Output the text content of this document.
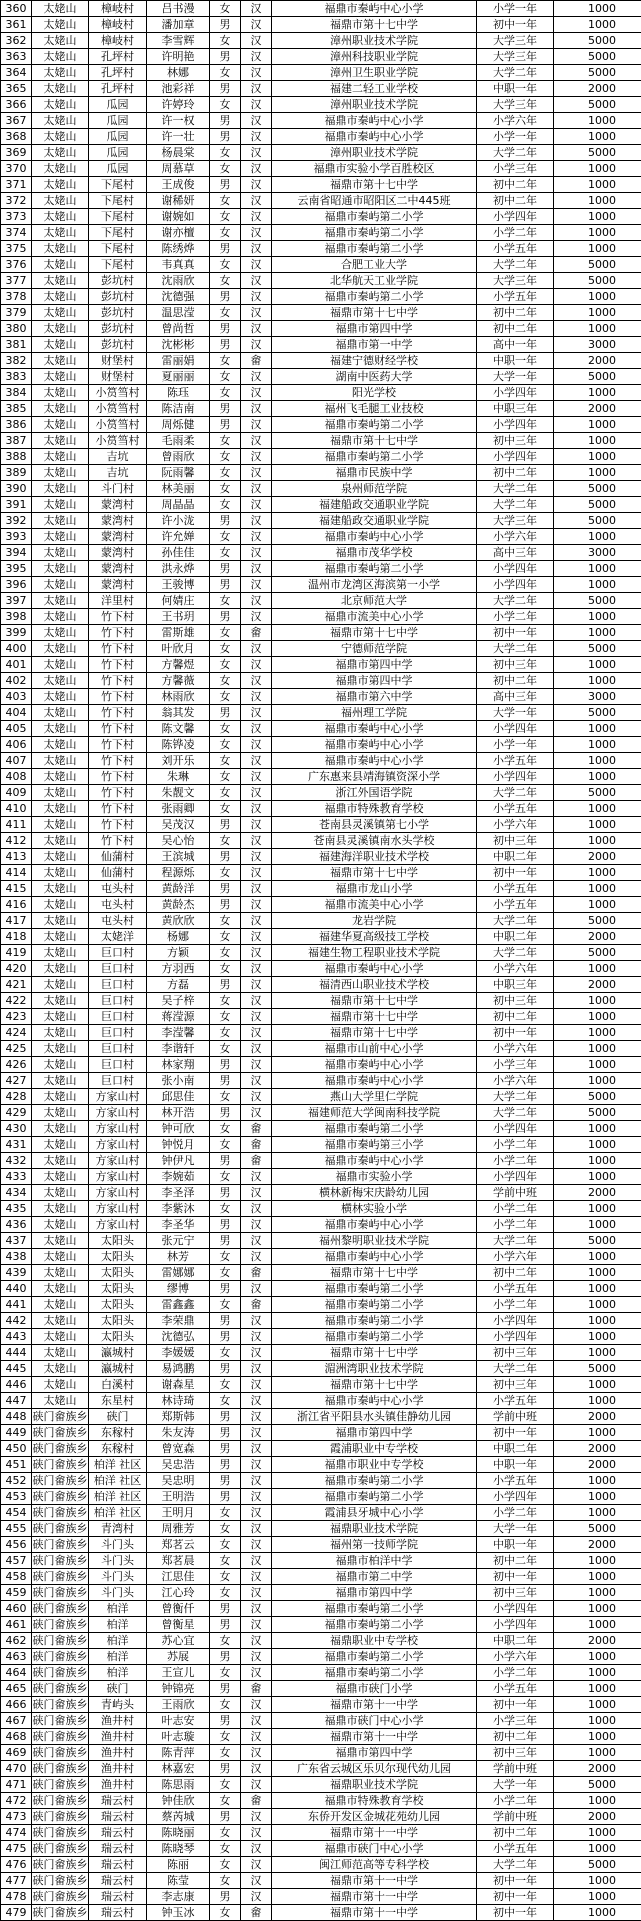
360	太姥山	樟岐村	吕书漫	女	汉	福鼎市秦屿中心小学	小学一年	1000
361	太姥山	樟岐村	潘加章	男	汉	福鼎市第十七中学	初中一年	1000
362	太姥山	樟岐村	李雪辉	女	汉	漳州职业技术学院	大学三年	5000
363	太姥山	孔坪村	许明艳	男	汉	漳州科技职业学院	大学三年	5000
364	太姥山	孔坪村	林娜	女	汉	漳州卫生职业学院	大学二年	5000
365	太姥山	孔坪村	池彩祥	男	汉	福建二轻工业学校	中职一年	2000
366	太姥山	瓜园	许婷玲	女	汉	漳州职业技术学院	大学三年	5000
367	太姥山	瓜园	许一权	男	汉	福鼎市秦屿中心小学	小学六年	1000
368	太姥山	瓜园	许一壮	男	汉	福鼎市秦屿中心小学	小学一年	1000
369	太姥山	瓜园	杨晨棠	女	汉	漳州职业技术学院	大学二年	5000
370	太姥山	瓜园	周慕草	女	汉	福鼎市实验小学百胜校区	小学三年	1000
371	太姥山	下尾村	王成俊	男	汉	福鼎市第十七中学	初中二年	1000
372	太姥山	下尾村	谢稀妍	女	汉	云南省昭通市昭阳区二中445班	初中二年	1000
373	太姥山	下尾村	谢婉如	女	汉	福鼎市秦屿第二小学	小学四年	1000
374	太姥山	下尾村	谢亦檀	女	汉	福鼎市秦屿第二小学	小学二年	1000
375	太姥山	下尾村	陈绣烨	男	汉	福鼎市秦屿第二小学	小学五年	1000
376	太姥山	下尾村	韦真真	女	汉	合肥工业大学	大学二年	5000
377	太姥山	彭坑村	沈雨欣	女	汉	北华航天工业学院	大学三年	5000
378	太姥山	彭坑村	沈德强	男	汉	福鼎市秦屿第二小学	小学五年	1000
379	太姥山	彭坑村	温思滢	女	汉	福鼎市第十七中学	初中二年	1000
380	太姥山	彭坑村	曾尚哲	男	汉	福鼎市第四中学	初中二年	1000
381	太姥山	彭坑村	沈彬彬	男	汉	福鼎市第一中学	高中一年	3000
382	太姥山	财堡村	雷丽娟	女	畲	福建宁德财经学校	中职一年	2000
383	太姥山	财堡村	夏丽丽	女	汉	湖南中医药大学	大学一年	5000
384	太姥山	小筼筜村	陈珏	女	汉	阳光学校	小学四年	1000
385	太姥山	小筼筜村	陈洁南	男	汉	福州飞毛腿工业技校	中职三年	2000
386	太姥山	小筼筜村	周烁健	男	汉	福鼎市秦屿第二小学	小学四年	1000
387	太姥山	小筼筜村	毛雨柔	女	汉	福鼎市第十七中学	初中三年	1000
388	太姥山	吉坑	曾雨欣	女	汉	福鼎市秦屿第二小学	小学四年	1000
389	太姥山	吉坑	阮雨馨	女	汉	福鼎市民族中学	初中二年	1000
390	太姥山	斗门村	林美丽	女	汉	泉州师范学院	大学二年	5000
391	太姥山	蒙湾村	周晶晶	女	汉	福建船政交通职业学院	大学二年	5000
392	太姥山	蒙湾村	许小泷	男	汉	福建船政交通职业学院	大学三年	5000
393	太姥山	蒙湾村	许允婵	女	汉	福鼎市秦屿中心小学	小学六年	1000
394	太姥山	蒙湾村	孙佳佳	女	汉	福鼎市茂华学校	高中三年	3000
395	太姥山	蒙湾村	洪永烨	男	汉	福鼎市秦屿第二小学	小学四年	1000
396	太姥山	蒙湾村	王骏博	男	汉	温州市龙湾区海滨第一小学	小学四年	1000
397	太姥山	洋里村	何婧庄	女	汉	北京师范大学	大学二年	5000
398	太姥山	竹下村	王书玥	男	汉	福鼎市流美中心小学	小学二年	1000
399	太姥山	竹下村	雷斯雄	女	畲	福鼎市第十七中学	初中一年	1000
400	太姥山	竹下村	叶欣月	女	汉	宁德师范学院	大学二年	5000
401	太姥山	竹下村	方馨煜	女	汉	福鼎市第四中学	初中三年	1000
402	太姥山	竹下村	方馨薇	女	汉	福鼎市第四中学	初中二年	1000
403	太姥山	竹下村	林雨欣	女	汉	福鼎市第六中学	高中三年	3000
404	太姥山	竹下村	翁其发	男	汉	福州理工学院	大学一年	5000
405	太姥山	竹下村	陈文馨	女	汉	福鼎市秦屿中心小学	小学四年	1000
406	太姥山	竹下村	陈铧凌	女	汉	福鼎市秦屿中心小学	小学一年	1000
407	太姥山	竹下村	刘开乐	女	汉	福鼎市秦屿中心小学	小学五年	1000
408	太姥山	竹下村	朱琳	女	汉	广东惠来县靖海镇资深小学	小学四年	1000
409	太姥山	竹下村	朱靓文	女	汉	浙江外国语学院	大学二年	5000
410	太姥山	竹下村	张雨卿	女	汉	福鼎市特殊教育学校	小学五年	1000
411	太姥山	竹下村	吴茂汉	男	汉	苍南县灵溪镇第七小学	小学六年	1000
412	太姥山	竹下村	吴心怡	女	汉	苍南县灵溪镇南水头学校	初中三年	1000
413	太姥山	仙蒲村	王滨城	男	汉	福建海洋职业技术学校	中职二年	2000
414	太姥山	仙蒲村	程源烁	女	汉	福鼎市第十七中学	初中一年	1000
415	太姥山	屯头村	黄龄洋	男	汉	福鼎市龙山小学	小学五年	1000
416	太姥山	屯头村	黄龄杰	男	汉	福鼎市流美中心小学	小学五年	1000
417	太姥山	屯头村	黄欣欣	女	汉	龙岩学院	大学二年	5000
418	太姥山	太姥洋	杨娜	女	汉	福建华夏高级技工学校	中职二年	2000
419	太姥山	巨口村	方颖	女	汉	福建生物工程职业技术学院	大学二年	5000
420	太姥山	巨口村	方羽西	女	汉	福鼎市秦屿中心小学	小学六年	1000
421	太姥山	巨口村	方磊	男	汉	福清西山职业技术学校	中职三年	2000
422	太姥山	巨口村	吴子梓	女	汉	福鼎市第十七中学	初中三年	1000
423	太姥山	巨口村	蒋滢源	女	汉	福鼎市第十七中学	初中二年	1000
424	太姥山	巨口村	李滢馨	女	汉	福鼎市第十七中学	初中一年	1000
425	太姥山	巨口村	李谐轩	女	汉	福鼎市山前中心小学	小学六年	1000
426	太姥山	巨口村	林家翔	男	汉	福鼎市秦屿中心小学	小学三年	1000
427	太姥山	巨口村	张小南	男	汉	福鼎市秦屿中心小学	小学六年	1000
428	太姥山	方家山村	邱思佳	女	汉	燕山大学里仁学院	大学二年	5000
429	太姥山	方家山村	林开浩	男	汉	福建师范大学闽南科技学院	大学二年	5000
430	太姥山	方家山村	钟可欣	女	畲	福鼎市秦屿第二小学	小学四年	1000
431	太姥山	方家山村	钟悦月	女	畲	福鼎市秦屿第三小学	小学二年	1000
432	太姥山	方家山村	钟伊凡	男	畲	福鼎市秦屿中心小学	小学二年	1000
433	太姥山	方家山村	李婉茹	女	汉	福鼎市实验小学	小学四年	1000
434	太姥山	方家山村	李圣泽	男	汉	横林新梅宋庆龄幼儿园	学前中班	2000
435	太姥山	方家山村	李紫沐	女	汉	横林实验小学	小学二年	1000
436	太姥山	方家山村	李圣华	男	汉	福鼎市秦屿中心小学	小学二年	1000
437	太姥山	太阳头	张元宁	男	汉	福州黎明职业技术学院	大学二年	5000
438	太姥山	太阳头	林芳	女	汉	福鼎市秦屿中心小学	小学六年	1000
439	太姥山	太阳头	雷娜娜	女	畲	福鼎市第十七中学	初中二年	1000
440	太姥山	太阳头	缪博	男	汉	福鼎市秦屿第二小学	小学五年	1000
441	太姥山	太阳头	雷鑫鑫	女	畲	福鼎市秦屿第二小学	小学二年	1000
442	太姥山	太阳头	李荣鼎	男	汉	福鼎市秦屿第二小学	小学四年	1000
443	太姥山	太阳头	沈德弘	男	汉	福鼎市秦屿第二小学	小学四年	1000
444	太姥山	瀛城村	李媛媛	女	汉	福鼎市第十七中学	初中三年	1000
445	太姥山	瀛城村	易鸿鹏	男	汉	湄洲湾职业技术学院	大学二年	5000
446	太姥山	白溪村	谢森星	女	汉	福鼎市第十七中学	初中三年	1000
447	太姥山	东星村	林诗琦	女	汉	福鼎市秦屿中心小学	小学五年	1000
448	硖门畲族乡	硖门	郑斯韩	男	汉	浙江省平阳县水头镇佳静幼儿园	学前中班	2000
449	硖门畲族乡	东稼村	朱友涛	男	汉	福鼎市第四中学	初中一年	1000
450	硖门畲族乡	东稼村	曾宽森	男	汉	霞浦职业中专学校	中职二年	2000
451	硖门畲族乡	柏洋 社区	吴忠浩	男	汉	福鼎市职业中专学校	中职一年	2000
452	硖门畲族乡	柏洋 社区	吴忠明	男	汉	福鼎市秦屿第二小学	小学五年	1000
453	硖门畲族乡	柏洋 社区	王明浩	男	汉	福鼎市秦屿第二小学	小学四年	1000
454	硖门畲族乡	柏洋 社区	王明月	女	汉	霞浦县牙城中心小学	小学二年	1000
455	硖门畲族乡	青湾村	周雅芳	女	汉	福鼎职业技术学院	大学一年	5000
456	硖门畲族乡	斗门头	郑茗云	女	汉	福州第一技师学院	中职一年	2000
457	硖门畲族乡	斗门头	郑茗晨	女	汉	福鼎市柏洋中学	初中二年	1000
458	硖门畲族乡	斗门头	江思佳	女	汉	福鼎市第二中学	初中一年	1000
459	硖门畲族乡	斗门头	江心玲	女	汉	福鼎市第四中学	初中三年	1000
460	硖门畲族乡	柏洋	曾衡仟	男	汉	福鼎市秦屿第二小学	小学四年	1000
461	硖门畲族乡	柏洋	曾衡星	男	汉	福鼎市秦屿第二小学	小学四年	1000
462	硖门畲族乡	柏洋	苏心宜	女	汉	福鼎职业中专学校	中职二年	2000
463	硖门畲族乡	柏洋	苏展	男	汉	福鼎市秦屿第二小学	小学六年	1000
464	硖门畲族乡	柏洋	王宣儿	女	汉	福鼎市秦屿第二小学	小学二年	1000
465	硖门畲族乡	硖门	钟锦亮	男	畲	福鼎市硖门小学	小学五年	1000
466	硖门畲族乡	青屿头	王雨欣	女	汉	福鼎市第十一中学	初中一年	1000
467	硖门畲族乡	渔井村	叶志安	男	汉	福鼎市硖门中心小学	小学三年	1000
468	硖门畲族乡	渔井村	叶志璇	女	汉	福鼎市第十一中学	初中二年	1000
469	硖门畲族乡	渔井村	陈青萍	女	汉	福鼎市第四中学	初中三年	1000
470	硖门畲族乡	渔井村	林嘉宏	男	汉	广东省云城区乐贝尔现代幼儿园	学前中班	2000
471	硖门畲族乡	渔井村	陈思雨	女	汉	福鼎职业技术学院	大学一年	5000
472	硖门畲族乡	瑞云村	钟佳欣	女	畲	福鼎市特殊教育学校	小学二年	1000
473	硖门畲族乡	瑞云村	蔡芮城	男	汉	东侨开发区金城花苑幼儿园	学前中班	2000
474	硖门畲族乡	瑞云村	陈晓丽	女	汉	福鼎市第十一中学	初中二年	1000
475	硖门畲族乡	瑞云村	陈晓琴	女	汉	福鼎市硖门中心小学	小学五年	1000
476	硖门畲族乡	瑞云村	陈丽	女	汉	闽江师范高等专科学校	大学二年	5000
477	硖门畲族乡	瑞云村	陈莹	女	汉	福鼎市第十一中学	初中一年	1000
478	硖门畲族乡	瑞云村	李志康	男	汉	福鼎市第十一中学	初中一年	1000
479	硖门畲族乡	瑞云村	钟玉冰	女	畲	福鼎市第十一中学	初中一年	1000
